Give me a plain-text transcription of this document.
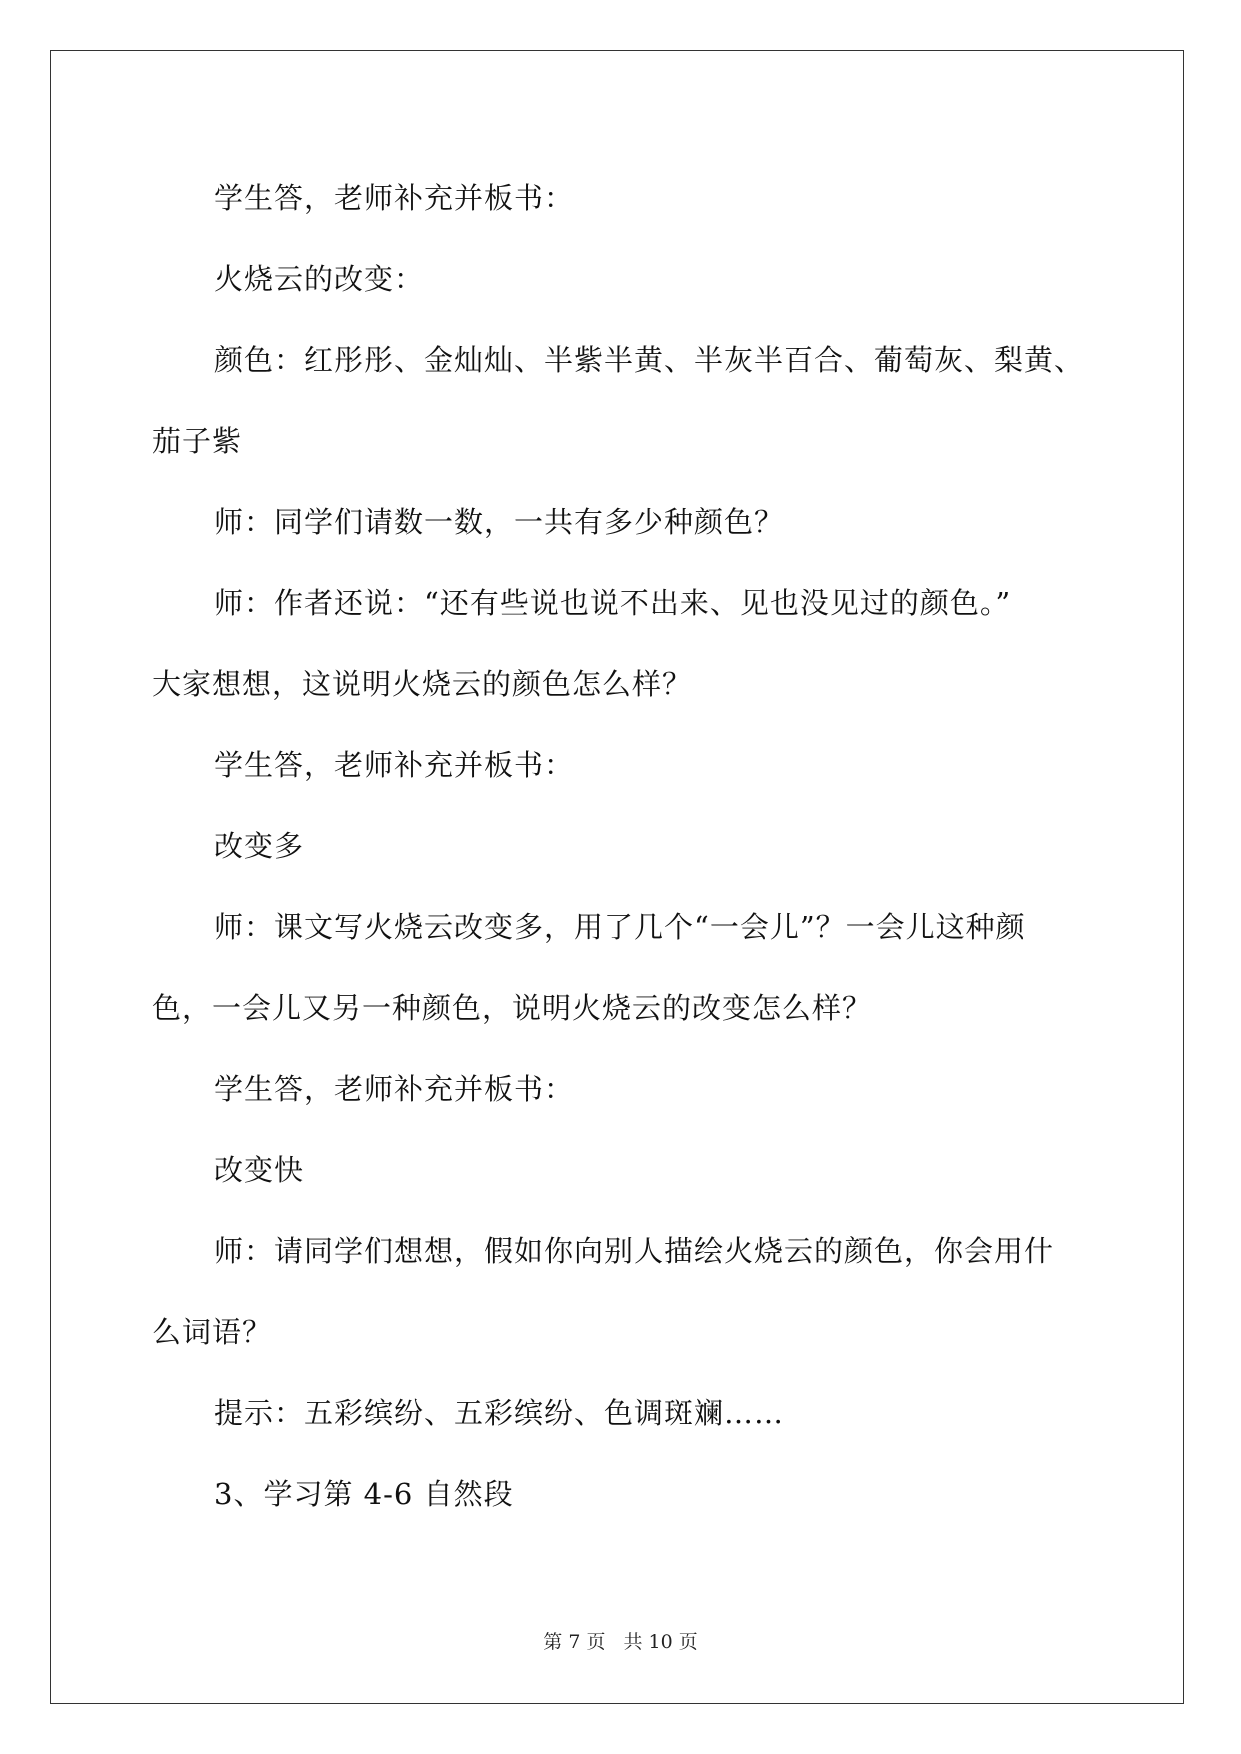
学生答，老师补充并板书：

火烧云的改变：

颜色：红彤彤、金灿灿、半紫半黄、半灰半百合、葡萄灰、梨黄、

茄子紫

师：同学们请数一数，一共有多少种颜色？

师：作者还说：“还有些说也说不出来、见也没见过的颜色。”

大家想想，这说明火烧云的颜色怎么样？

学生答，老师补充并板书：

改变多

师：课文写火烧云改变多，用了几个“一会儿”？一会儿这种颜

色，一会儿又另一种颜色，说明火烧云的改变怎么样？

学生答，老师补充并板书：

改变快

师：请同学们想想，假如你向别人描绘火烧云的颜色，你会用什

么词语？

提示：五彩缤纷、五彩缤纷、色调斑斓……

3、学习第 4-6 自然段

第 7 页 共 10 页
